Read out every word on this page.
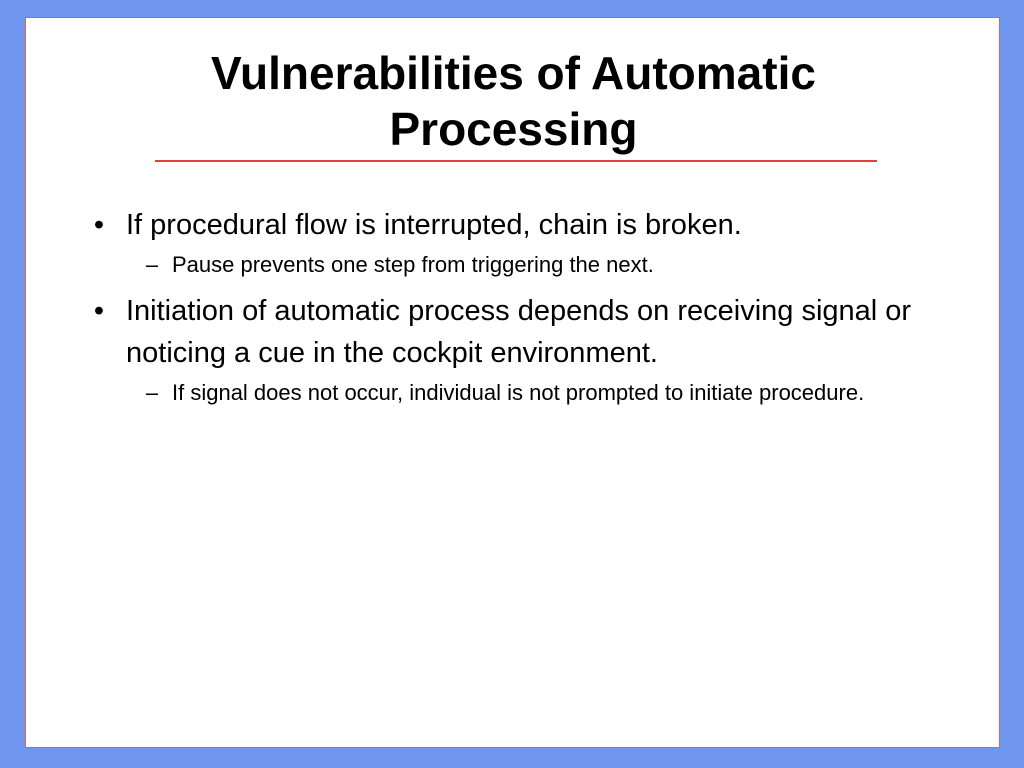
Vulnerabilities of Automatic
Processing
• If procedural flow is interrupted, chain is broken.
– Pause prevents one step from triggering the next.
• Initiation of automatic process depends on receiving signal or noticing a cue in the cockpit environment.
– If signal does not occur, individual is not prompted to initiate procedure.
